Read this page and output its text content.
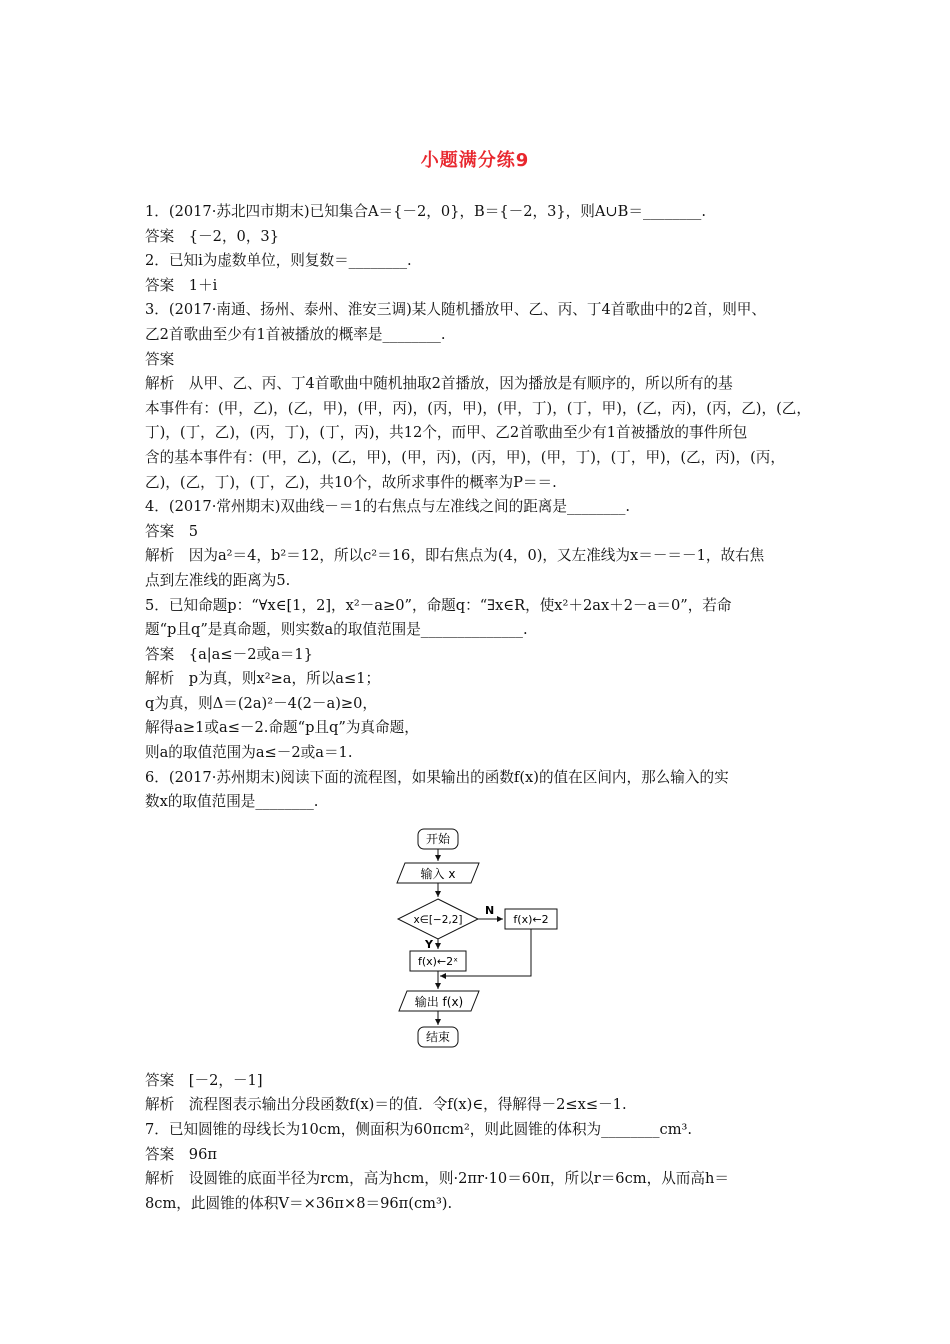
小题满分练9
1．(2017·苏北四市期末)已知集合A＝{－2，0}，B＝{－2，3}，则A∪B＝________.
答案　{－2，0，3}
2．已知i为虚数单位，则复数＝________.
答案　1＋i
3．(2017·南通、扬州、泰州、淮安三调)某人随机播放甲、乙、丙、丁4首歌曲中的2首，则甲、
乙2首歌曲至少有1首被播放的概率是________.
答案
解析　从甲、乙、丙、丁4首歌曲中随机抽取2首播放，因为播放是有顺序的，所以所有的基
本事件有：(甲，乙)，(乙，甲)，(甲，丙)，(丙，甲)，(甲，丁)，(丁，甲)，(乙，丙)，(丙，乙)，(乙，
丁)，(丁，乙)，(丙，丁)，(丁，丙)，共12个，而甲、乙2首歌曲至少有1首被播放的事件所包
含的基本事件有：(甲，乙)，(乙，甲)，(甲，丙)，(丙，甲)，(甲，丁)，(丁，甲)，(乙，丙)，(丙，
乙)，(乙，丁)，(丁，乙)，共10个，故所求事件的概率为P＝＝.
4．(2017·常州期末)双曲线－＝1的右焦点与左准线之间的距离是________.
答案　5
解析　因为a²＝4，b²＝12，所以c²＝16，即右焦点为(4，0)，又左准线为x＝－＝－1，故右焦
点到左准线的距离为5.
5．已知命题p：“∀x∈[1，2]，x²－a≥0”，命题q：“∃x∈R，使x²＋2ax＋2－a＝0”，若命
题“p且q”是真命题，则实数a的取值范围是______________.
答案　{a|a≤－2或a＝1}
解析　p为真，则x²≥a，所以a≤1；
q为真，则Δ＝(2a)²－4(2－a)≥0，
解得a≥1或a≤－2.命题“p且q”为真命题，
则a的取值范围为a≤－2或a＝1.
6．(2017·苏州期末)阅读下面的流程图，如果输出的函数f(x)的值在区间内，那么输入的实
数x的取值范围是________.
开始
输入 x
x∈[−2,2]
N
f(x)←2
Y
f(x)←2ˣ
输出 f(x)
结束
答案　[－2，－1]
解析　流程图表示输出分段函数f(x)＝的值．令f(x)∈，得解得－2≤x≤－1.
7．已知圆锥的母线长为10cm，侧面积为60πcm²，则此圆锥的体积为________cm³.
答案　96π
解析　设圆锥的底面半径为rcm，高为hcm，则·2πr·10＝60π，所以r＝6cm，从而高h＝
8cm，此圆锥的体积V＝×36π×8＝96π(cm³).
